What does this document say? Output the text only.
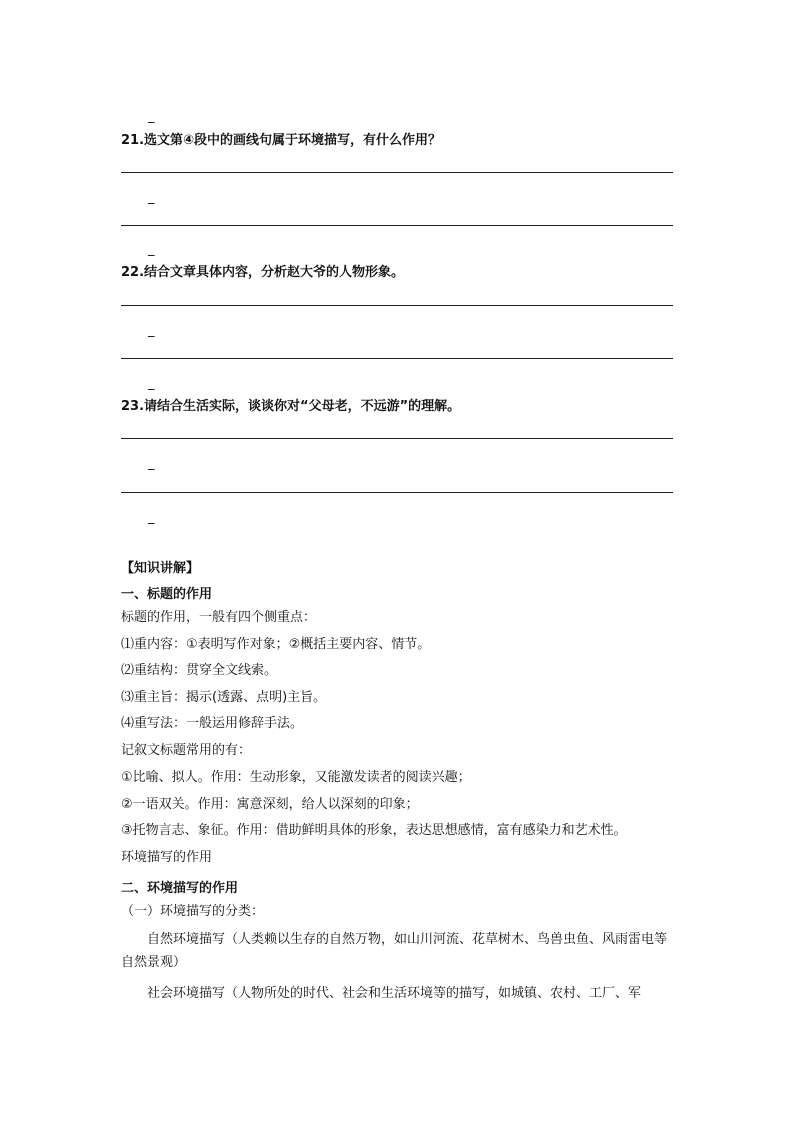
_
21.选文第④段中的画线句属于环境描写，有什么作用？
_
_
22.结合文章具体内容，分析赵大爷的人物形象。
_
_
23.请结合生活实际，谈谈你对“父母老，不远游”的理解。
_
_
【知识讲解】
一、标题的作用
标题的作用，一般有四个侧重点：
⑴重内容：①表明写作对象；②概括主要内容、情节。
⑵重结构：贯穿全文线索。
⑶重主旨：揭示(透露、点明)主旨。
⑷重写法：一般运用修辞手法。
记叙文标题常用的有：
①比喻、拟人。作用：生动形象，又能激发读者的阅读兴趣；
②一语双关。作用：寓意深刻，给人以深刻的印象；
③托物言志、象征。作用：借助鲜明具体的形象，表达思想感情，富有感染力和艺术性。
环境描写的作用
二、环境描写的作用
（一）环境描写的分类：
自然环境描写（人类赖以生存的自然万物，如山川河流、花草树木、鸟兽虫鱼、风雨雷电等自然景观）
社会环境描写（人物所处的时代、社会和生活环境等的描写，如城镇、农村、工厂、军
